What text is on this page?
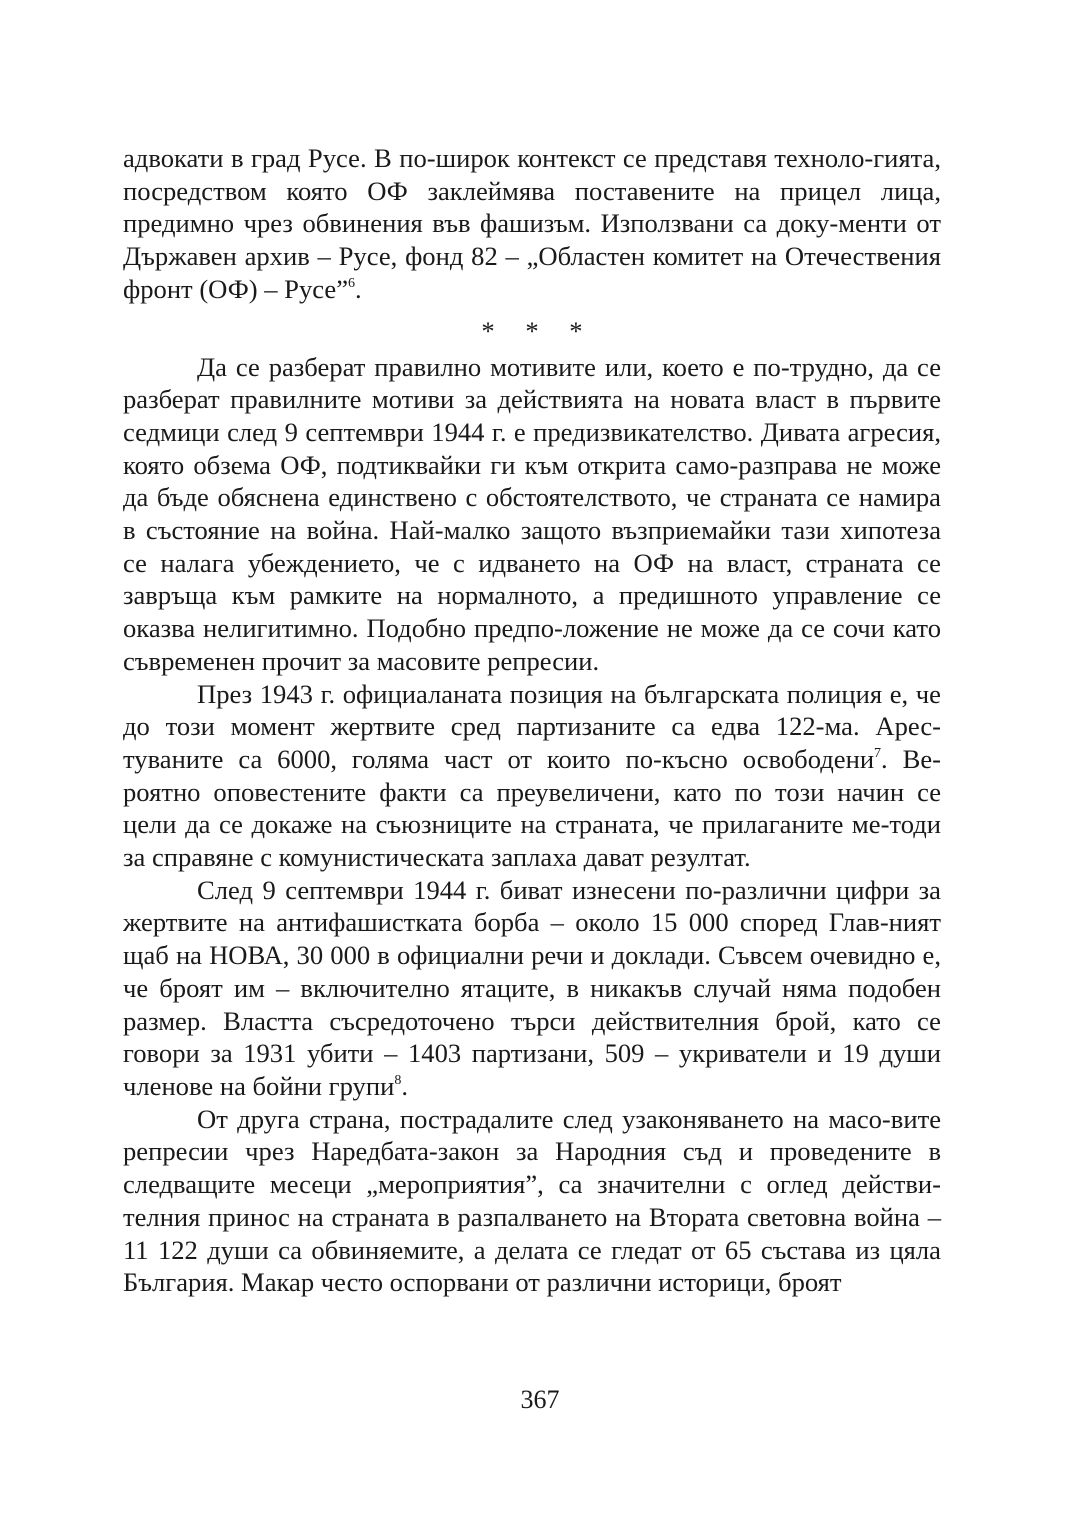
адвокати в град Русе. В по-широк контекст се представя техноло-гията, посредством която ОФ заклеймява поставените на прицел лица, предимно чрез обвинения във фашизъм. Използвани са доку-менти от Държавен архив – Русе, фонд 82 – „Областен комитет на Отечествения фронт (ОФ) – Русе”$^6$.

* * *

Да се разберат правилно мотивите или, което е по-трудно, да се разберат правилните мотиви за действията на новата власт в първите седмици след 9 септември 1944 г. е предизвикателство. Дивата агресия, която обзема ОФ, подтиквайки ги към открита само-разправа не може да бъде обяснена единствено с обстоятелството, че страната се намира в състояние на война. Най-малко защото възприемайки тази хипотеза се налага убеждението, че с идването на ОФ на власт, страната се завръща към рамките на нормалното, а предишното управление се оказва нелигитимно. Подобно предпо-ложение не може да се сочи като съвременен прочит за масовите репресии.

През 1943 г. официаланата позиция на българската полиция е, че до този момент жертвите сред партизаните са едва 122-ма. Арес-туваните са 6000, голяма част от които по-късно освободени$^7$. Ве-роятно оповестените факти са преувеличени, като по този начин се цели да се докаже на съюзниците на страната, че прилаганите ме-тоди за справяне с комунистическата заплаха дават резултат.

След 9 септември 1944 г. биват изнесени по-различни цифри за жертвите на антифашистката борба – около 15 000 според Глав-ният щаб на НОВА, 30 000 в официални речи и доклади. Съвсем очевидно е, че броят им – включително ятаците, в никакъв случай няма подобен размер. Властта съсредоточено търси действителния брой, като се говори за 1931 убити – 1403 партизани, 509 – укриватели и 19 души членове на бойни групи$^8$.

От друга страна, пострадалите след узаконяването на масо-вите репресии чрез Наредбата-закон за Народния съд и проведените в следващите месеци „мероприятия”, са значителни с оглед действи-телния принос на страната в разпалването на Втората световна война – 11 122 души са обвиняемите, а делата се гледат от 65 състава из цяла България. Макар често оспорвани от различни историци, броят

367
